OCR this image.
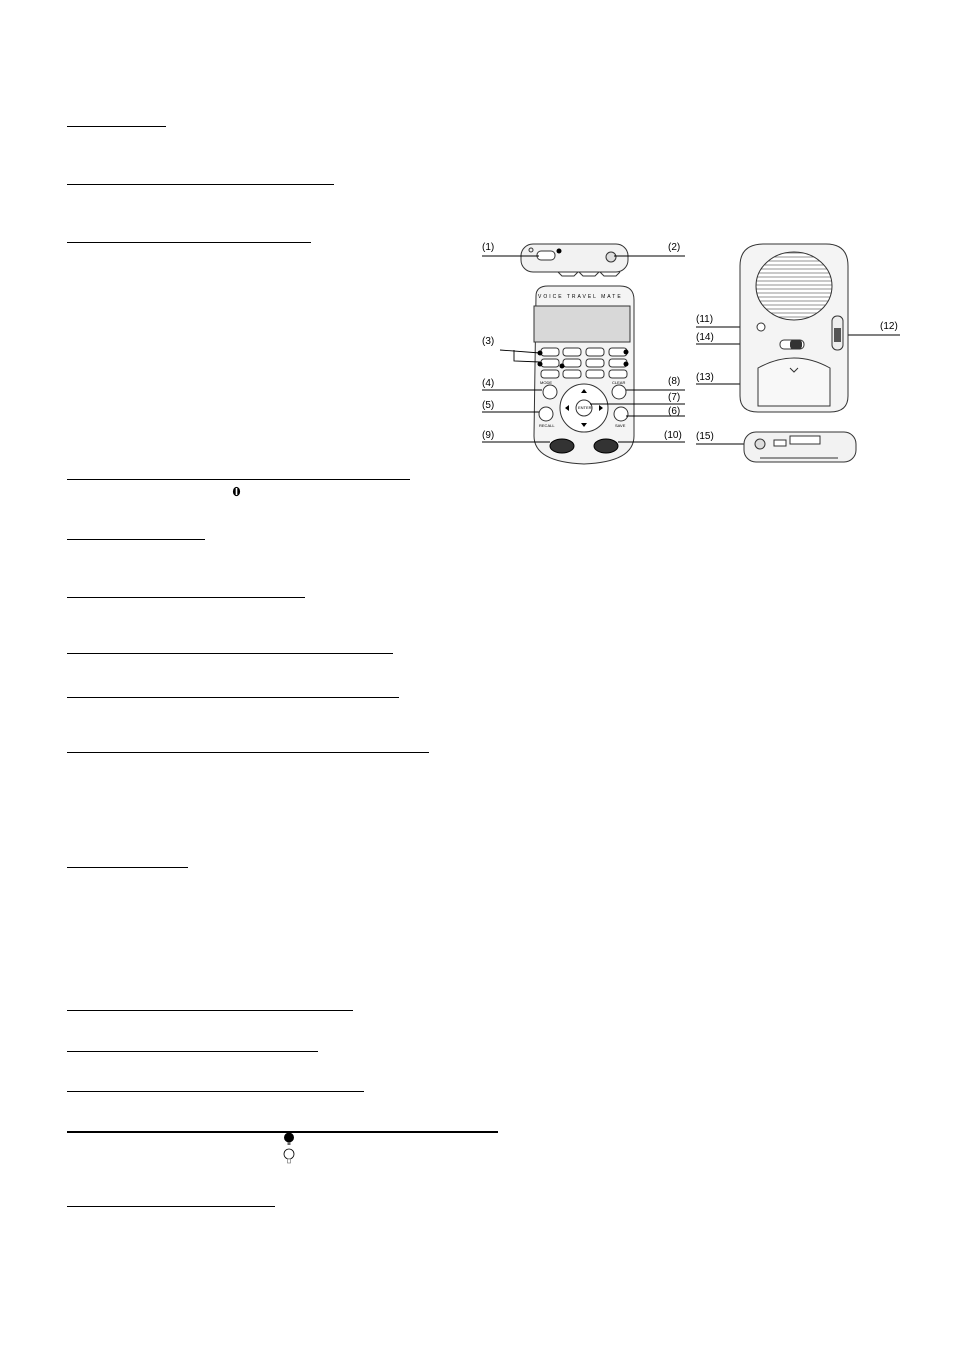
(1)	(2)
(3)
(4)
(5)
(8)
(7)
(6)
(9)	(10)
(11)
(12)
(14)
(13)
(15)
VOICE TRAVEL MATE
MODE	CLEAR
RECALL	SAVE
ENTER
